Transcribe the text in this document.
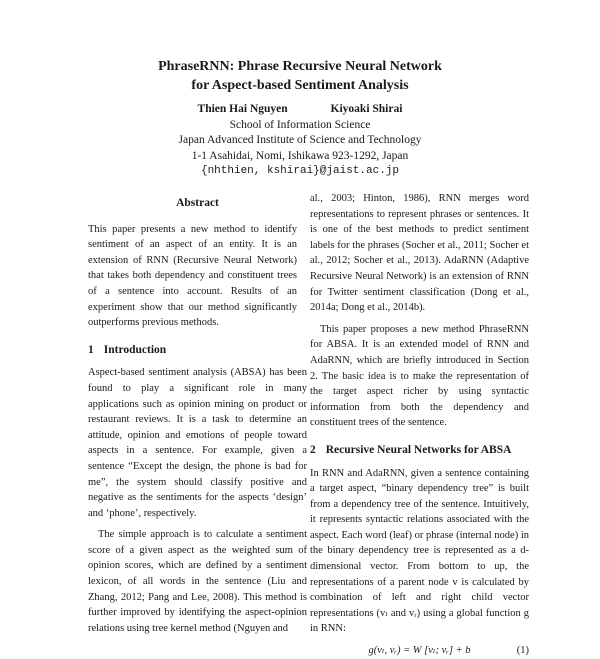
PhraseRNN: Phrase Recursive Neural Network
for Aspect-based Sentiment Analysis
Thien Hai Nguyen	Kiyoaki Shirai
School of Information Science
Japan Advanced Institute of Science and Technology
1-1 Asahidai, Nomi, Ishikawa 923-1292, Japan
{nhthien, kshirai}@jaist.ac.jp
Abstract

This paper presents a new method to identify sentiment of an aspect of an entity. It is an extension of RNN (Recursive Neural Network) that takes both dependency and constituent trees of a sentence into account. Results of an experiment show that our method significantly outperforms previous methods.

1 Introduction

Aspect-based sentiment analysis (ABSA) has been found to play a significant role in many applications such as opinion mining on product or restaurant reviews. It is a task to determine an attitude, opinion and emotions of people toward aspects in a sentence. For example, given a sentence “Except the design, the phone is bad for me”, the system should classify positive and negative as the sentiments for the aspects ‘design’ and ‘phone’, respectively.

The simple approach is to calculate a sentiment score of a given aspect as the weighted sum of opinion scores, which are defined by a sentiment lexicon, of all words in the sentence (Liu and Zhang, 2012; Pang and Lee, 2008). This method is further improved by identifying the aspect-opinion relations using tree kernel method (Nguyen and

al., 2003; Hinton, 1986), RNN merges word representations to represent phrases or sentences. It is one of the best methods to predict sentiment labels for the phrases (Socher et al., 2011; Socher et al., 2012; Socher et al., 2013). AdaRNN (Adaptive Recursive Neural Network) is an extension of RNN for Twitter sentiment classification (Dong et al., 2014a; Dong et al., 2014b).

This paper proposes a new method PhraseRNN for ABSA. It is an extended model of RNN and AdaRNN, which are briefly introduced in Section 2. The basic idea is to make the representation of the target aspect richer by using syntactic information from both the dependency and constituent trees of the sentence.

2 Recursive Neural Networks for ABSA

In RNN and AdaRNN, given a sentence containing a target aspect, “binary dependency tree” is built from a dependency tree of the sentence. Intuitively, it represents syntactic relations associated with the aspect. Each word (leaf) or phrase (internal node) in the binary dependency tree is represented as a d-dimensional vector. From bottom to up, the representations of a parent node v is calculated by combination of left and right child vector representations (vₗ and vᵣ) using a global function g in RNN:

g(vₗ, vᵣ) = W [vₗ; vᵣ] + b	(1)
